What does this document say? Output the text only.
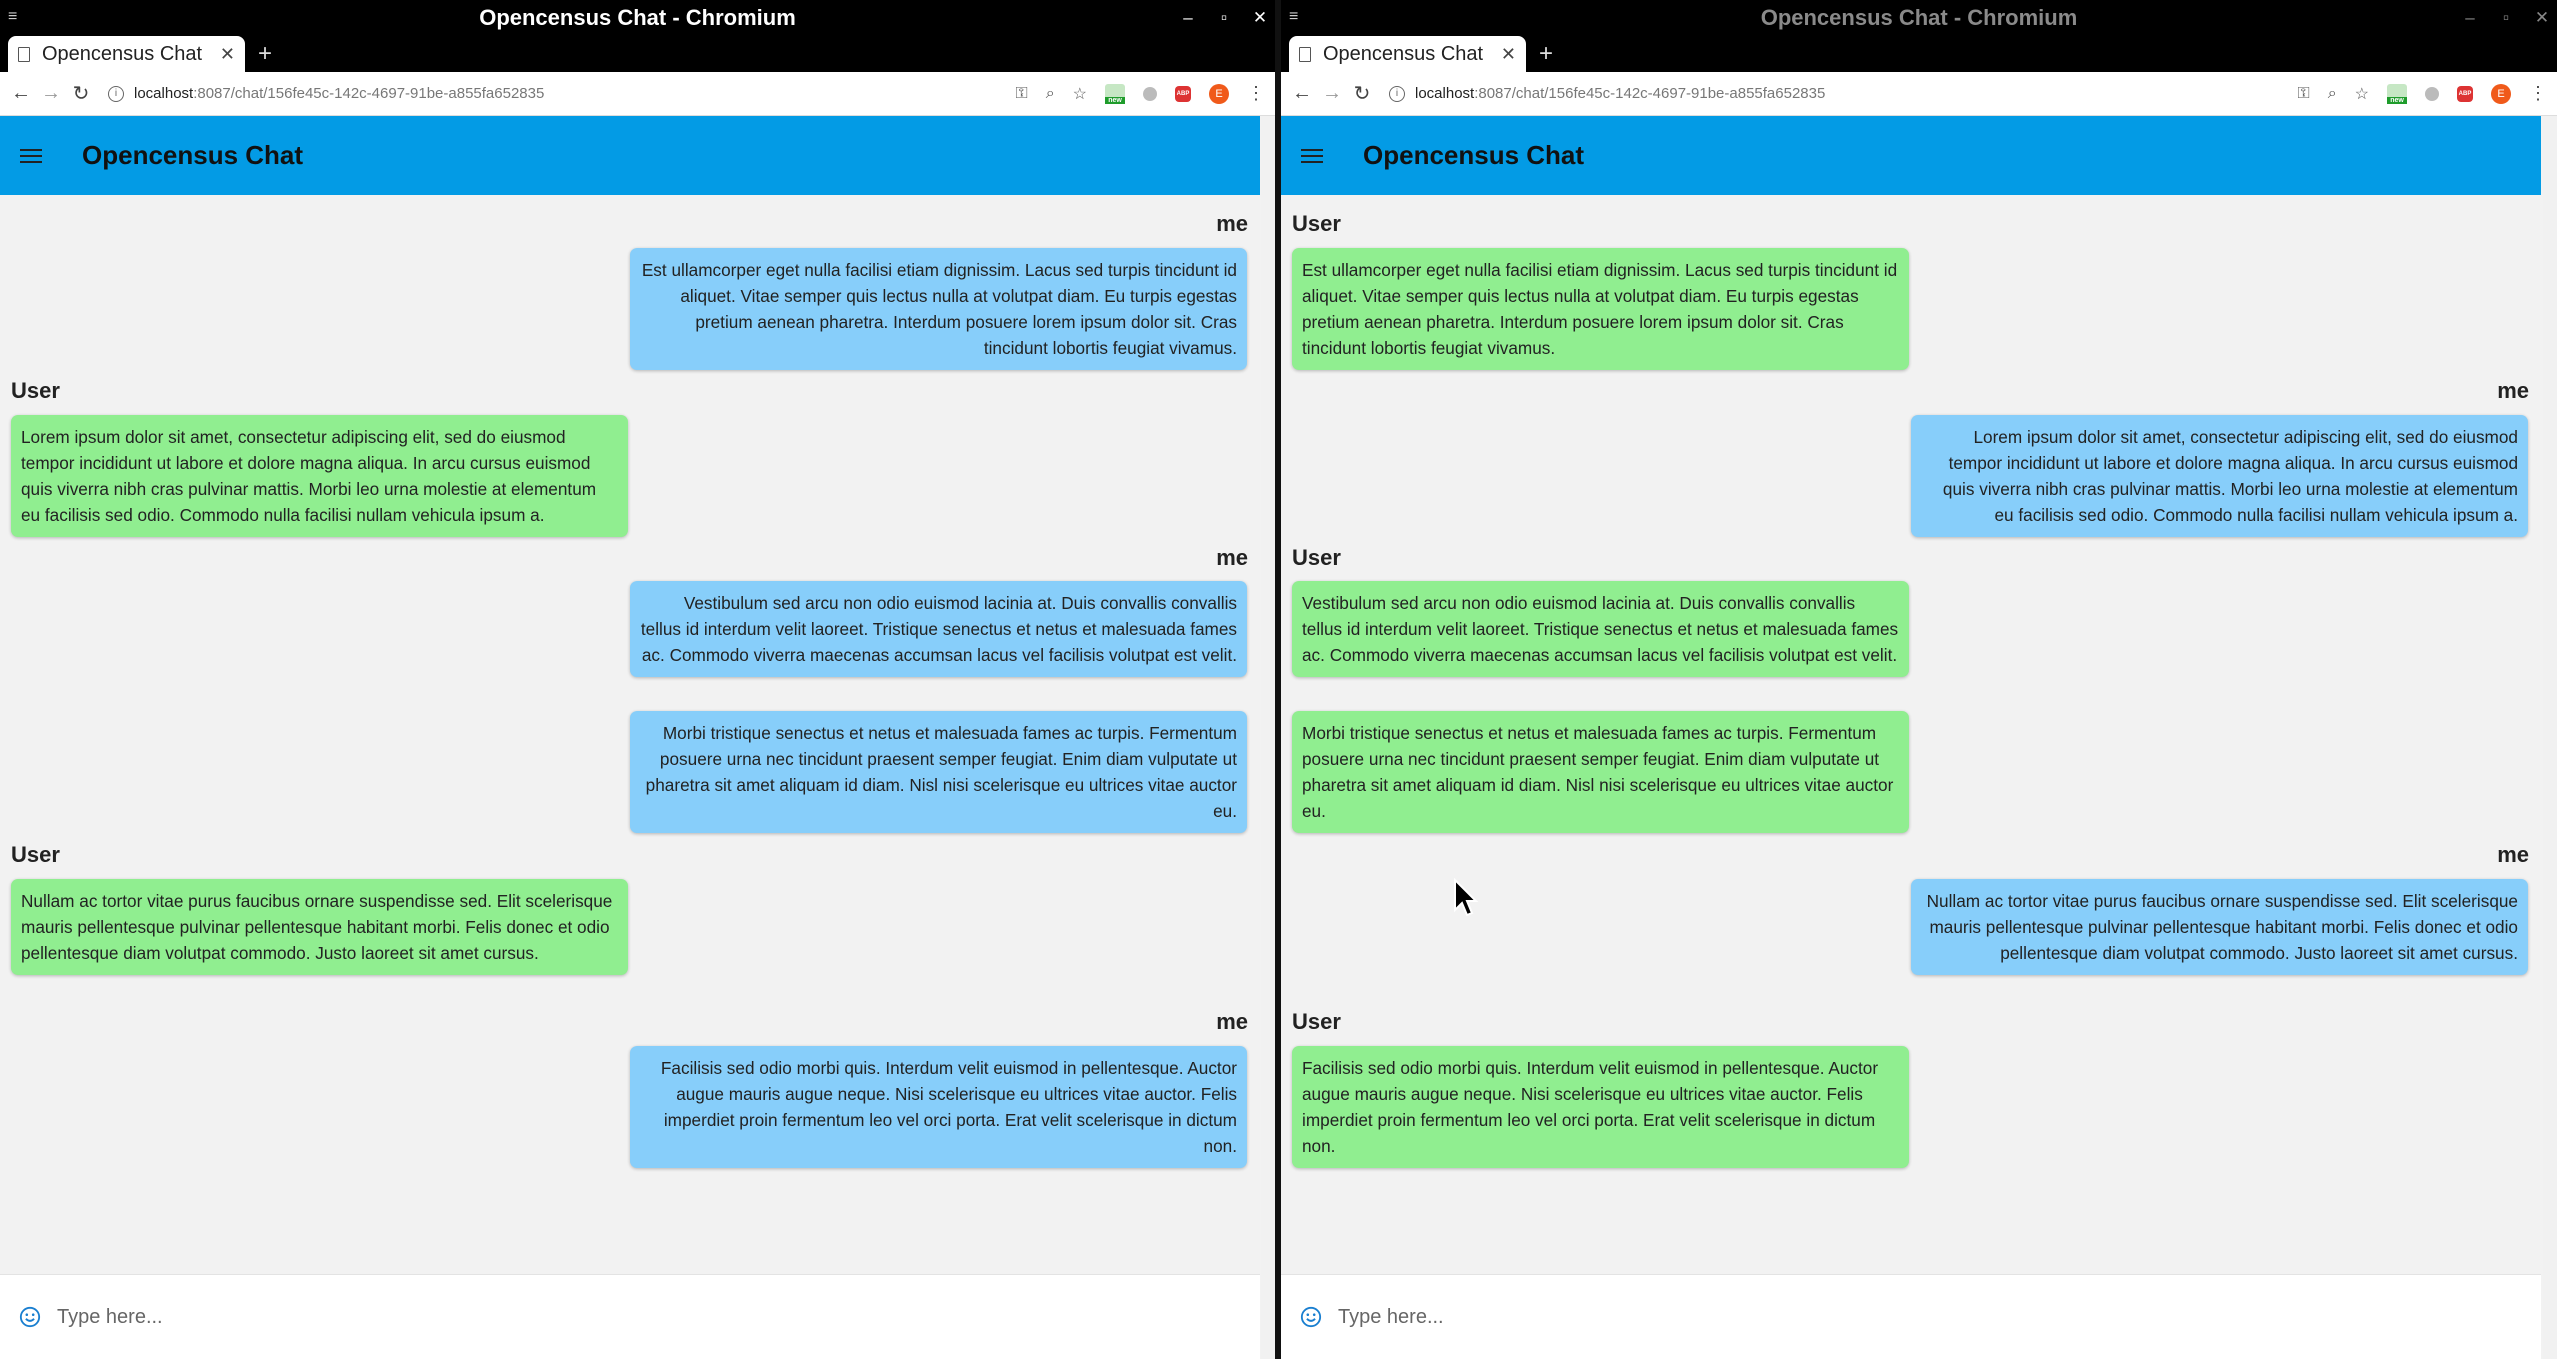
≡	Opencensus Chat - Chromium	–	▫	✕
Opencensus Chat ✕ +
← → ↻	i	localhost :8087/chat/156fe45c-142c-4697-91be-a855fa652835	⚿ ⌕ ☆	new
ABP	E	⋮
Opencensus Chat
me
Est ullamcorper eget nulla facilisi etiam dignissim. Lacus sed turpis tincidunt id aliquet. Vitae semper quis lectus nulla at volutpat diam. Eu turpis egestas pretium aenean pharetra. Interdum posuere lorem ipsum dolor sit. Cras tincidunt lobortis feugiat vivamus.
User
Lorem ipsum dolor sit amet, consectetur adipiscing elit, sed do eiusmod tempor incididunt ut labore et dolore magna aliqua. In arcu cursus euismod quis viverra nibh cras pulvinar mattis. Morbi leo urna molestie at elementum eu facilisis sed odio. Commodo nulla facilisi nullam vehicula ipsum a.
me
Vestibulum sed arcu non odio euismod lacinia at. Duis convallis convallis tellus id interdum velit laoreet. Tristique senectus et netus et malesuada fames ac. Commodo viverra maecenas accumsan lacus vel facilisis volutpat est velit.
Morbi tristique senectus et netus et malesuada fames ac turpis. Fermentum posuere urna nec tincidunt praesent semper feugiat. Enim diam vulputate ut pharetra sit amet aliquam id diam. Nisl nisi scelerisque eu ultrices vitae auctor eu.
User
Nullam ac tortor vitae purus faucibus ornare suspendisse sed. Elit scelerisque mauris pellentesque pulvinar pellentesque habitant morbi. Felis donec et odio pellentesque diam volutpat commodo. Justo laoreet sit amet cursus.
me
Facilisis sed odio morbi quis. Interdum velit euismod in pellentesque. Auctor augue mauris augue neque. Nisi scelerisque eu ultrices vitae auctor. Felis imperdiet proin fermentum leo vel orci porta. Erat velit scelerisque in dictum non.
Type here...
≡	Opencensus Chat - Chromium	–	▫	✕
Opencensus Chat ✕ +
← → ↻	i	localhost :8087/chat/156fe45c-142c-4697-91be-a855fa652835	⚿ ⌕ ☆	new
ABP	E	⋮
Opencensus Chat
User
Est ullamcorper eget nulla facilisi etiam dignissim. Lacus sed turpis tincidunt id aliquet. Vitae semper quis lectus nulla at volutpat diam. Eu turpis egestas pretium aenean pharetra. Interdum posuere lorem ipsum dolor sit. Cras tincidunt lobortis feugiat vivamus.
me
Lorem ipsum dolor sit amet, consectetur adipiscing elit, sed do eiusmod tempor incididunt ut labore et dolore magna aliqua. In arcu cursus euismod quis viverra nibh cras pulvinar mattis. Morbi leo urna molestie at elementum eu facilisis sed odio. Commodo nulla facilisi nullam vehicula ipsum a.
User
Vestibulum sed arcu non odio euismod lacinia at. Duis convallis convallis tellus id interdum velit laoreet. Tristique senectus et netus et malesuada fames ac. Commodo viverra maecenas accumsan lacus vel facilisis volutpat est velit.
Morbi tristique senectus et netus et malesuada fames ac turpis. Fermentum posuere urna nec tincidunt praesent semper feugiat. Enim diam vulputate ut pharetra sit amet aliquam id diam. Nisl nisi scelerisque eu ultrices vitae auctor eu.
me
Nullam ac tortor vitae purus faucibus ornare suspendisse sed. Elit scelerisque mauris pellentesque pulvinar pellentesque habitant morbi. Felis donec et odio pellentesque diam volutpat commodo. Justo laoreet sit amet cursus.
User
Facilisis sed odio morbi quis. Interdum velit euismod in pellentesque. Auctor augue mauris augue neque. Nisi scelerisque eu ultrices vitae auctor. Felis imperdiet proin fermentum leo vel orci porta. Erat velit scelerisque in dictum non.
Type here...
